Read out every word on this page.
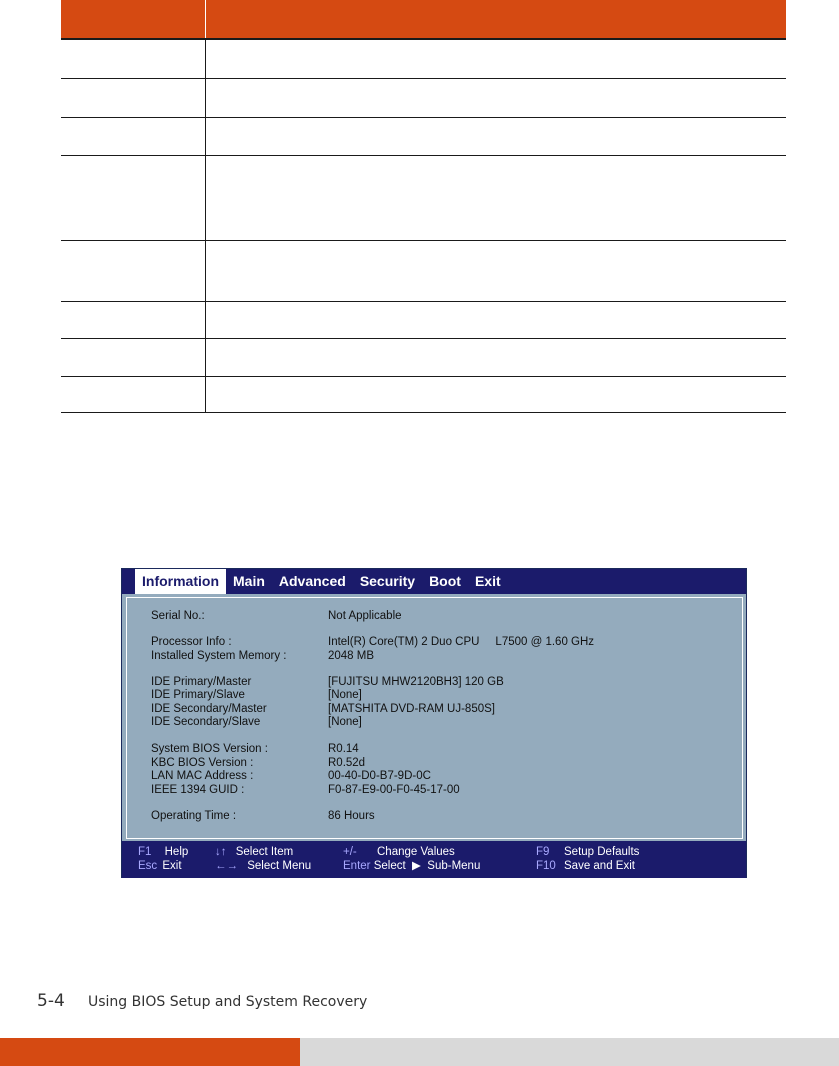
Information	Main	Advanced	Security	Boot	Exit
Serial No.:	Not Applicable
Processor Info :	Intel(R) Core(TM) 2 Duo CPU     L7500 @ 1.60 GHz
Installed System Memory :	2048 MB
IDE Primary/Master	[FUJITSU MHW2120BH3] 120 GB
IDE Primary/Slave	[None]
IDE Secondary/Master	[MATSHITA DVD-RAM UJ-850S]
IDE Secondary/Slave	[None]
System BIOS Version :	R0.14
KBC BIOS Version :	R0.52d
LAN MAC Address :	00-40-D0-B7-9D-0C
IEEE 1394 GUID :	F0-87-E9-00-F0-45-17-00
Operating Time :	86 Hours
F1 Help
Esc Exit
↓↑ Select Item
←→ Select Menu
+/- Change Values
Enter Select  ▶  Sub-Menu
F9 Setup Defaults
F10 Save and Exit
5-4 Using BIOS Setup and System Recovery
